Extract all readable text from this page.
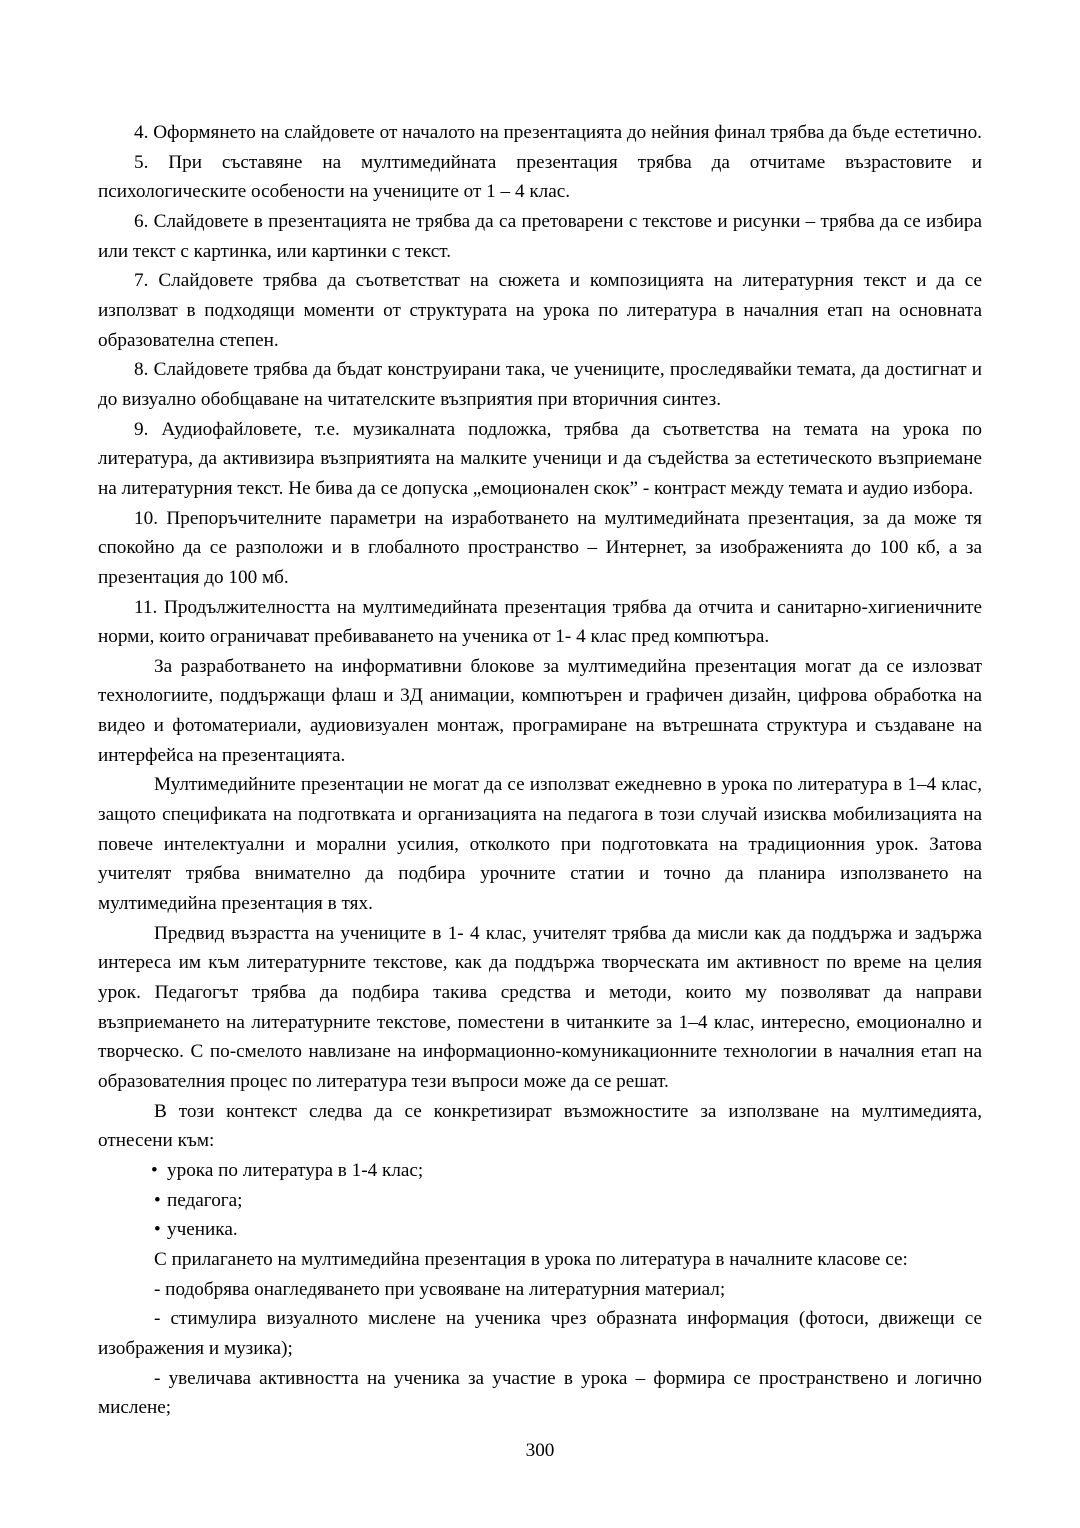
4. Оформянето на слайдовете от началото на презентацията до нейния финал трябва да бъде естетично.

5. При съставяне на мултимедийната презентация трябва да отчитаме възрастовите и психологическите особености на учениците от 1 – 4 клас.

6. Слайдовете в презентацията не трябва да са претоварени с текстове и рисунки – трябва да се избира или текст с картинка, или картинки с текст.

7. Слайдовете трябва да съответстват на сюжета и композицията на литературния текст и да се използват в подходящи моменти от структурата на урока по литература в началния етап на основната образователна степен.

8. Слайдовете трябва да бъдат конструирани така, че учениците, проследявайки темата, да достигнат и до визуално обобщаване на читателските възприятия при вторичния синтез.

9. Аудиофайловете, т.е. музикалната подложка, трябва да съответства на темата на урока по литература, да активизира възприятията на малките ученици и да съдейства за естетическото възприемане на литературния текст. Не бива да се допуска „емоционален скок” - контраст между темата и аудио избора.

10. Препоръчителните параметри на изработването на мултимедийната презентация, за да може тя спокойно да се разположи и в глобалното пространство – Интернет, за изображенията до 100 кб, а за презентация до 100 мб.

11. Продължителността на мултимедийната презентация трябва да отчита и санитарно-хигиеничните норми, които ограничават пребиваването на ученика от 1- 4 клас пред компютъра.

За разработването на информативни блокове за мултимедийна презентация могат да се излозват технологиите, поддържащи флаш и 3Д анимации, компютърен и графичен дизайн, цифрова обработка на видео и фотоматериали, аудиовизуален монтаж, програмиране на вътрешната структура и създаване на интерфейса на презентацията.

Мултимедийните презентации не могат да се използват ежедневно в урока по литература в 1–4 клас, защото спецификата на подготвката и организацията на педагога в този случай изисква мобилизацията на повече интелектуални и морални усилия, отколкото при подготовката на традиционния урок. Затова учителят трябва внимателно да подбира урочните статии и точно да планира използването на мултимедийна презентация в тях.

Предвид възрастта на учениците в 1- 4 клас, учителят трябва да мисли как да поддържа и задържа интереса им към литературните текстове, как да поддържа творческата им активност по време на целия урок. Педагогът трябва да подбира такива средства и методи, които му позволяват да направи възприемането на литературните текстове, поместени в читанките за 1–4 клас, интересно, емоционално и творческо. С по-смелото навлизане на информационно-комуникационните технологии в началния етап на образователния процес по литература тези въпроси може да се решат.

В този контекст следва да се конкретизират възможностите за използване на мултимедията, отнесени към:

• урока по литература в 1-4 клас;
• педагога;
• ученика.

С прилагането на мултимедийна презентация в урока по литература в началните класове се:

- подобрява онагледяването при усвояване на литературния материал;

- стимулира визуалното мислене на ученика чрез образната информация (фотоси, движещи се изображения и музика);

- увеличава активността на ученика за участие в урока – формира се пространствено и логично мислене;

300
